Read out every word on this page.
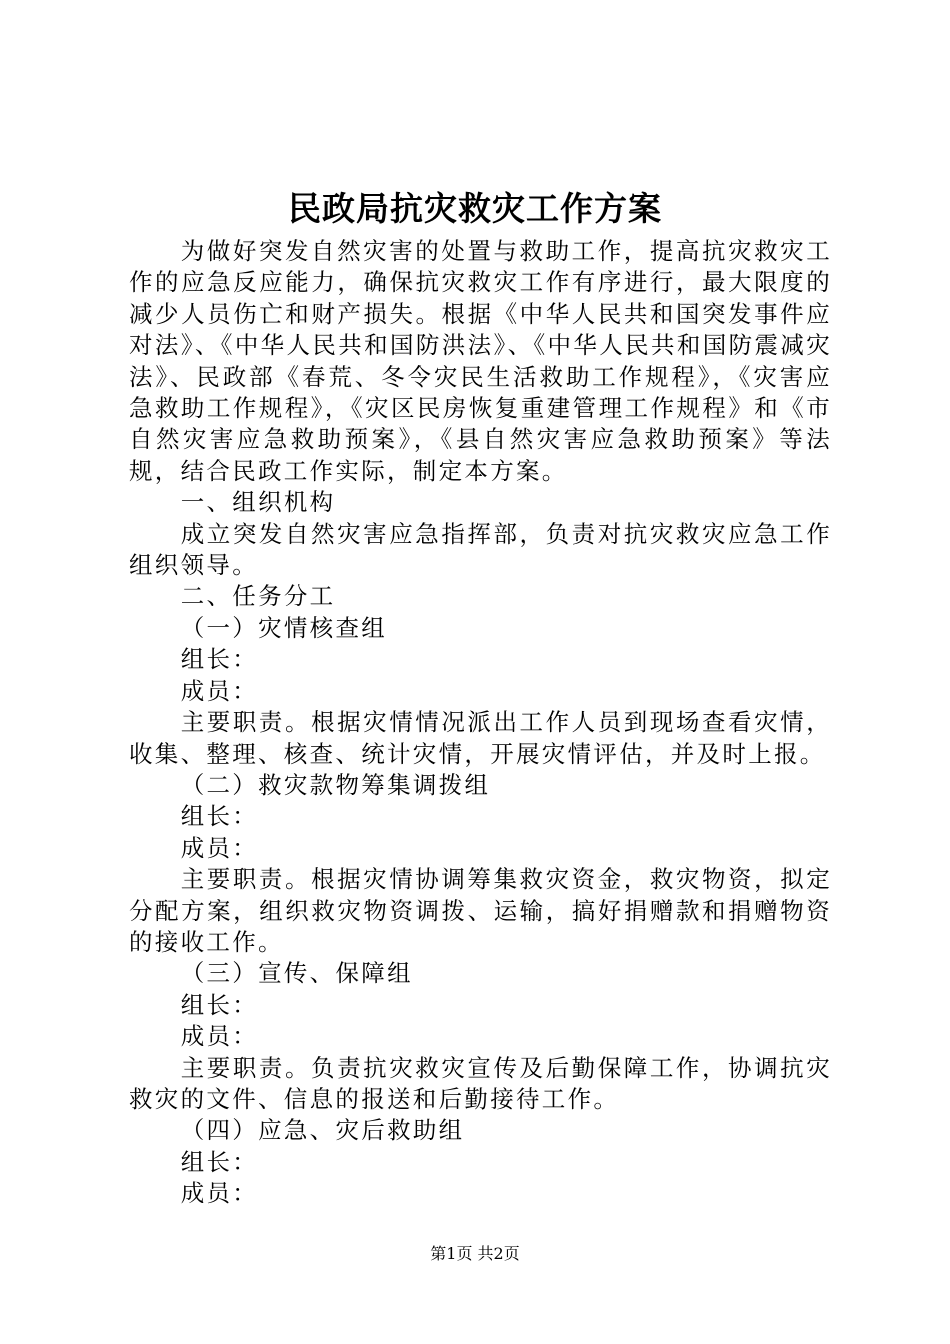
民政局抗灾救灾工作方案

为做好突发自然灾害的处置与救助工作，提高抗灾救灾工作的应急反应能力，确保抗灾救灾工作有序进行，最大限度的减少人员伤亡和财产损失。根据《中华人民共和国突发事件应对法》、《中华人民共和国防洪法》、《中华人民共和国防震减灾法》、民政部《春荒、冬令灾民生活救助工作规程》，《灾害应急救助工作规程》，《灾区民房恢复重建管理工作规程》和《市自然灾害应急救助预案》，《县自然灾害应急救助预案》等法规，结合民政工作实际，制定本方案。

一、组织机构

成立突发自然灾害应急指挥部，负责对抗灾救灾应急工作组织领导。

二、任务分工

（一）灾情核查组

组长：

成员：

主要职责。根据灾情情况派出工作人员到现场查看灾情，收集、整理、核查、统计灾情，开展灾情评估，并及时上报。

（二）救灾款物筹集调拨组

组长：

成员：

主要职责。根据灾情协调筹集救灾资金，救灾物资，拟定分配方案，组织救灾物资调拨、运输，搞好捐赠款和捐赠物资的接收工作。

（三）宣传、保障组

组长：

成员：

主要职责。负责抗灾救灾宣传及后勤保障工作，协调抗灾救灾的文件、信息的报送和后勤接待工作。

（四）应急、灾后救助组

组长：

成员：

第1页 共2页
